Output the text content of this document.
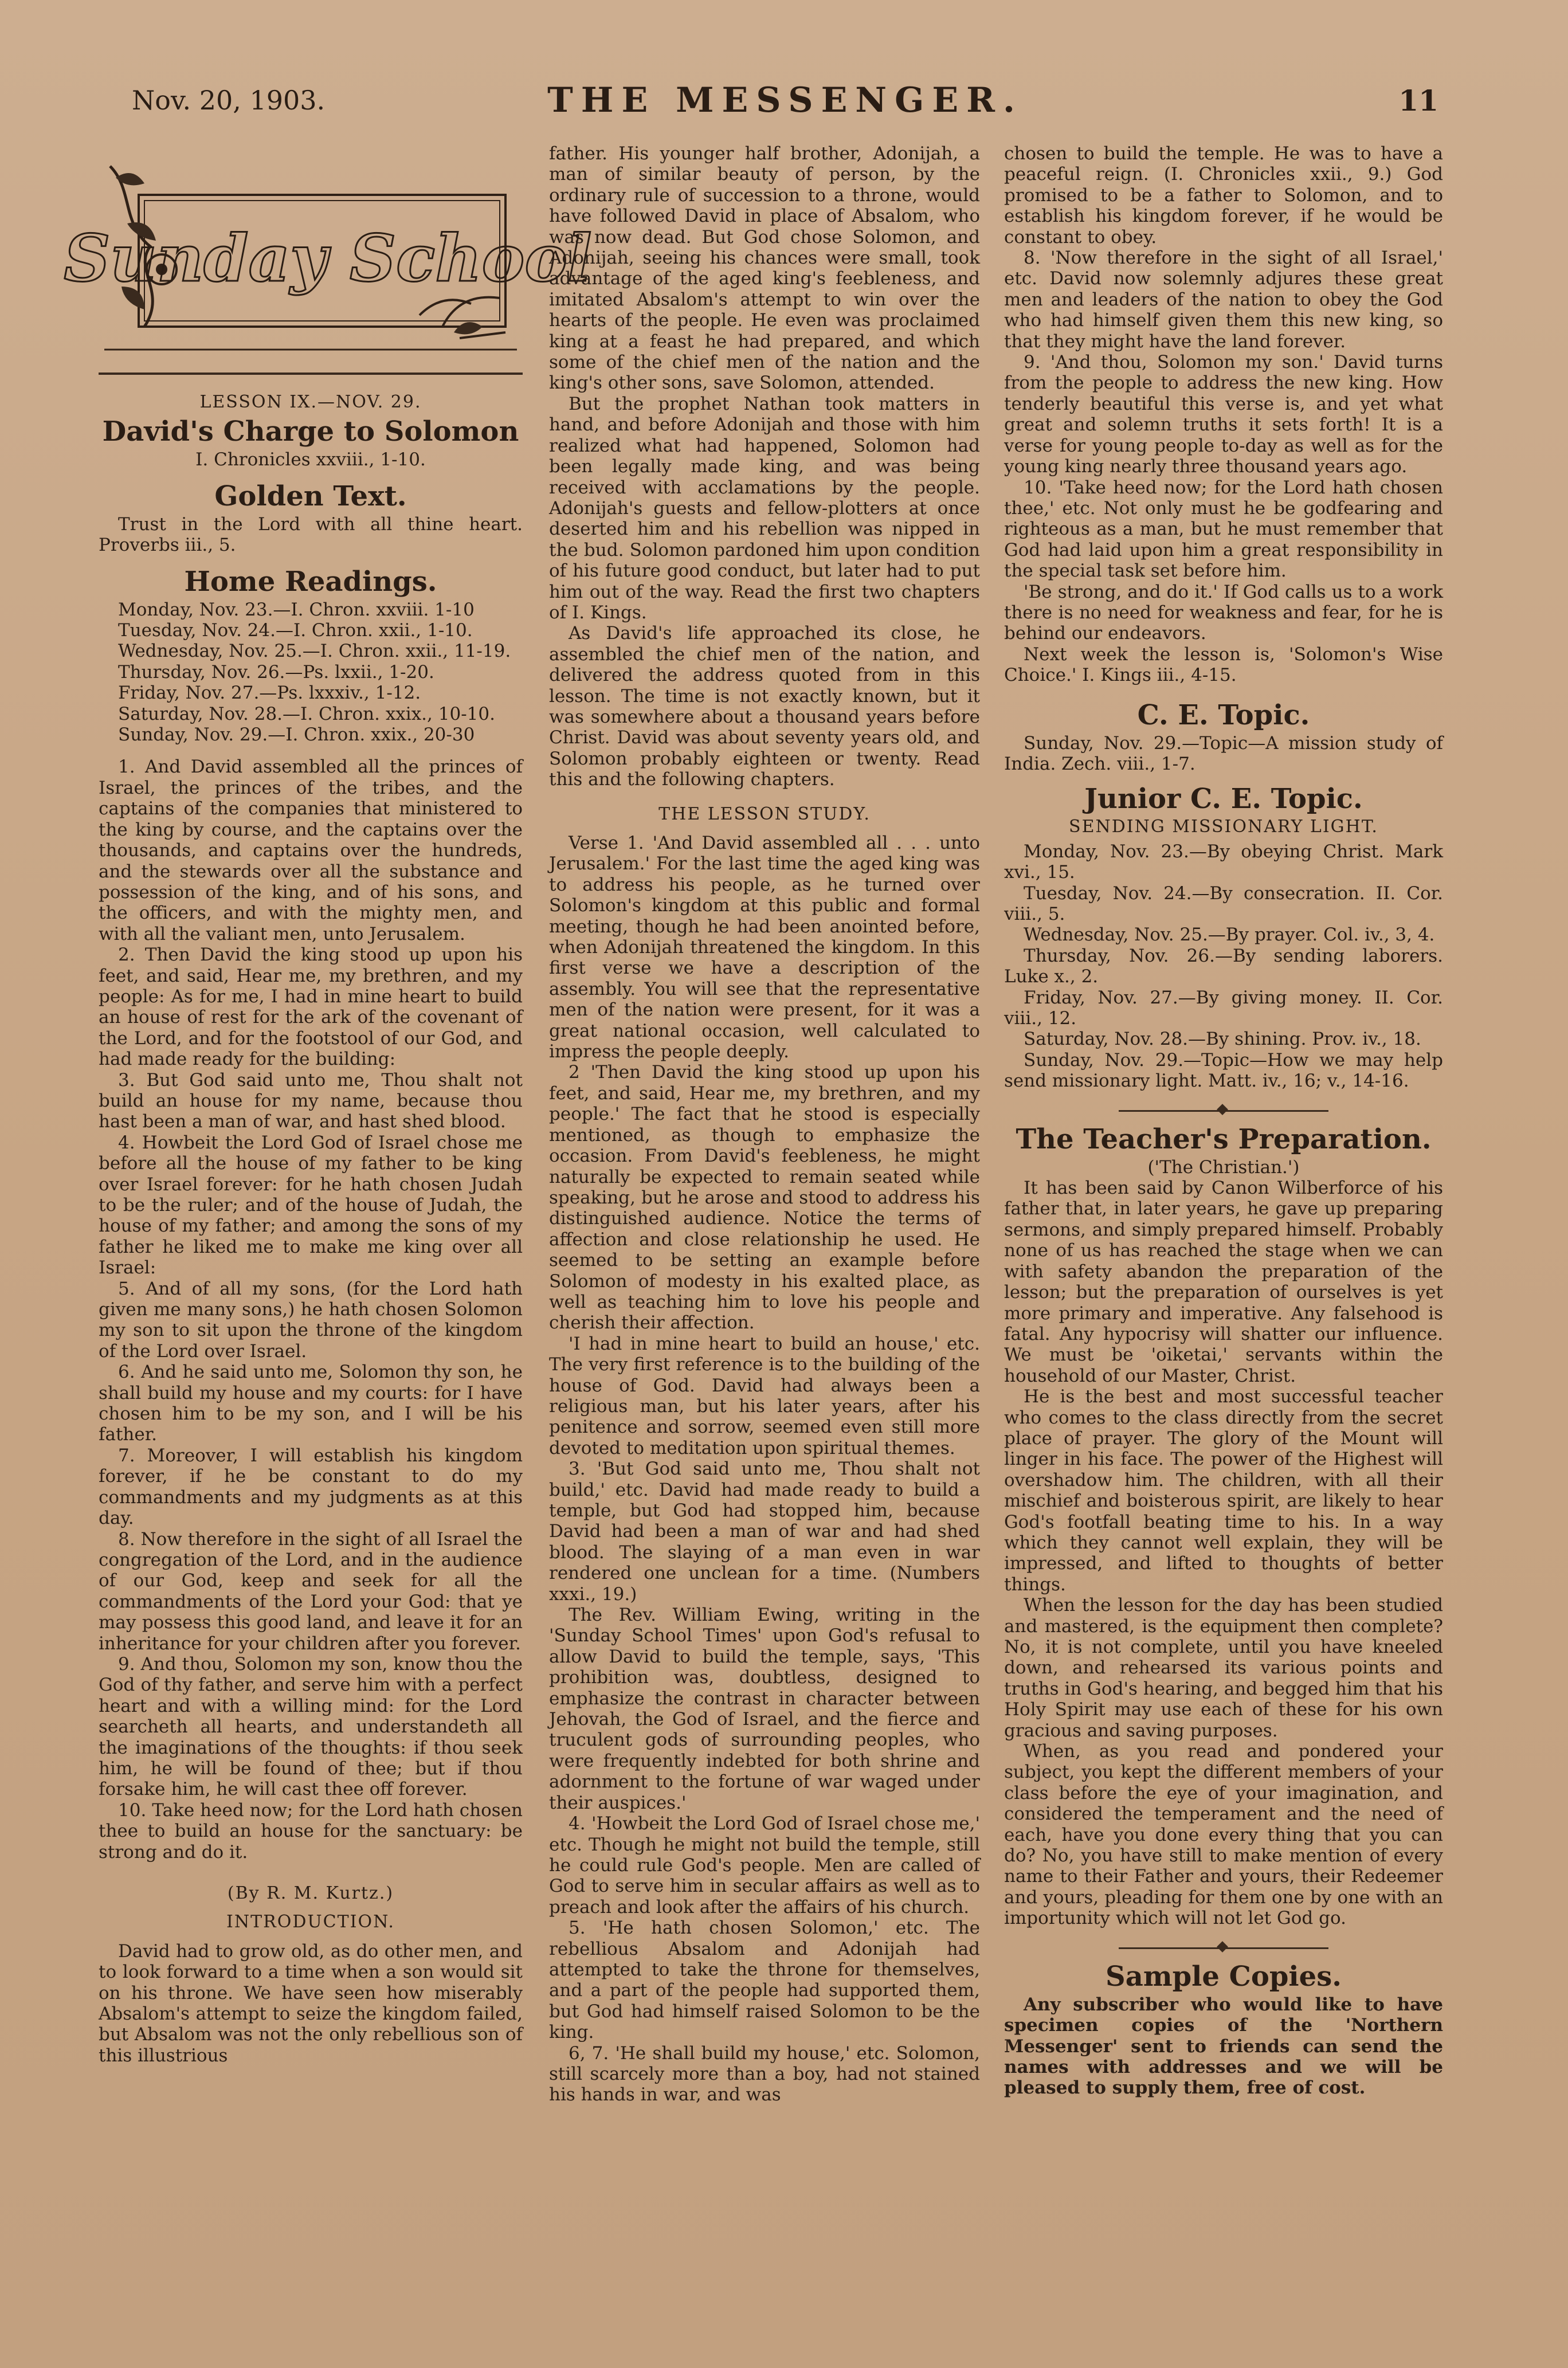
Nov. 20, 1903.	THE MESSENGER.	11
Sunday School
LESSON IX.—NOV. 29.
David's Charge to Solomon
I. Chronicles xxviii., 1-10.
Golden Text.

Trust in the Lord with all thine heart. Proverbs iii., 5.

Home Readings.

Monday, Nov. 23.—I. Chron. xxviii. 1-10

Tuesday, Nov. 24.—I. Chron. xxii., 1-10.

Wednesday, Nov. 25.—I. Chron. xxii., 11-19.

Thursday, Nov. 26.—Ps. lxxii., 1-20.

Friday, Nov. 27.—Ps. lxxxiv., 1-12.

Saturday, Nov. 28.—I. Chron. xxix., 10-10.

Sunday, Nov. 29.—I. Chron. xxix., 20-30

1. And David assembled all the princes of Israel, the princes of the tribes, and the captains of the companies that ministered to the king by course, and the captains over the thousands, and captains over the hundreds, and the stewards over all the substance and possession of the king, and of his sons, and the officers, and with the mighty men, and with all the valiant men, unto Jerusalem.

2. Then David the king stood up upon his feet, and said, Hear me, my brethren, and my people: As for me, I had in mine heart to build an house of rest for the ark of the covenant of the Lord, and for the footstool of our God, and had made ready for the building:

3. But God said unto me, Thou shalt not build an house for my name, because thou hast been a man of war, and hast shed blood.

4. Howbeit the Lord God of Israel chose me before all the house of my father to be king over Israel forever: for he hath chosen Judah to be the ruler; and of the house of Judah, the house of my father; and among the sons of my father he liked me to make me king over all Israel:

5. And of all my sons, (for the Lord hath given me many sons,) he hath chosen Solomon my son to sit upon the throne of the kingdom of the Lord over Israel.

6. And he said unto me, Solomon thy son, he shall build my house and my courts: for I have chosen him to be my son, and I will be his father.

7. Moreover, I will establish his kingdom forever, if he be constant to do my commandments and my judgments as at this day.

8. Now therefore in the sight of all Israel the congregation of the Lord, and in the audience of our God, keep and seek for all the commandments of the Lord your God: that ye may possess this good land, and leave it for an inheritance for your children after you forever.

9. And thou, Solomon my son, know thou the God of thy father, and serve him with a perfect heart and with a willing mind: for the Lord searcheth all hearts, and understandeth all the imaginations of the thoughts: if thou seek him, he will be found of thee; but if thou forsake him, he will cast thee off forever.

10. Take heed now; for the Lord hath chosen thee to build an house for the sanctuary: be strong and do it.

(By R. M. Kurtz.)
INTRODUCTION.

David had to grow old, as do other men, and to look forward to a time when a son would sit on his throne. We have seen how miserably Absalom's attempt to seize the kingdom failed, but Absalom was not the only rebellious son of this illustrious

father. His younger half brother, Adonijah, a man of similar beauty of person, by the ordinary rule of succession to a throne, would have followed David in place of Absalom, who was now dead. But God chose Solomon, and Adonijah, seeing his chances were small, took advantage of the aged king's feebleness, and imitated Absalom's attempt to win over the hearts of the people. He even was proclaimed king at a feast he had prepared, and which some of the chief men of the nation and the king's other sons, save Solomon, attended.

But the prophet Nathan took matters in hand, and before Adonijah and those with him realized what had happened, Solomon had been legally made king, and was being received with acclamations by the people. Adonijah's guests and fellow-plotters at once deserted him and his rebellion was nipped in the bud. Solomon pardoned him upon condition of his future good conduct, but later had to put him out of the way. Read the first two chapters of I. Kings.

As David's life approached its close, he assembled the chief men of the nation, and delivered the address quoted from in this lesson. The time is not exactly known, but it was somewhere about a thousand years before Christ. David was about seventy years old, and Solomon probably eighteen or twenty. Read this and the following chapters.

THE LESSON STUDY.

Verse 1. 'And David assembled all . . . unto Jerusalem.' For the last time the aged king was to address his people, as he turned over Solomon's kingdom at this public and formal meeting, though he had been anointed before, when Adonijah threatened the kingdom. In this first verse we have a description of the assembly. You will see that the representative men of the nation were present, for it was a great national occasion, well calculated to impress the people deeply.

2 'Then David the king stood up upon his feet, and said, Hear me, my brethren, and my people.' The fact that he stood is especially mentioned, as though to emphasize the occasion. From David's feebleness, he might naturally be expected to remain seated while speaking, but he arose and stood to address his distinguished audience. Notice the terms of affection and close relationship he used. He seemed to be setting an example before Solomon of modesty in his exalted place, as well as teaching him to love his people and cherish their affection.

'I had in mine heart to build an house,' etc. The very first reference is to the building of the house of God. David had always been a religious man, but his later years, after his penitence and sorrow, seemed even still more devoted to meditation upon spiritual themes.

3. 'But God said unto me, Thou shalt not build,' etc. David had made ready to build a temple, but God had stopped him, because David had been a man of war and had shed blood. The slaying of a man even in war rendered one unclean for a time. (Numbers xxxi., 19.)

The Rev. William Ewing, writing in the 'Sunday School Times' upon God's refusal to allow David to build the temple, says, 'This prohibition was, doubtless, designed to emphasize the contrast in character between Jehovah, the God of Israel, and the fierce and truculent gods of surrounding peoples, who were frequently indebted for both shrine and adornment to the fortune of war waged under their auspices.'

4. 'Howbeit the Lord God of Israel chose me,' etc. Though he might not build the temple, still he could rule God's people. Men are called of God to serve him in secular affairs as well as to preach and look after the affairs of his church.

5. 'He hath chosen Solomon,' etc. The rebellious Absalom and Adonijah had attempted to take the throne for themselves, and a part of the people had supported them, but God had himself raised Solomon to be the king.

6, 7. 'He shall build my house,' etc. Solomon, still scarcely more than a boy, had not stained his hands in war, and was

chosen to build the temple. He was to have a peaceful reign. (I. Chronicles xxii., 9.) God promised to be a father to Solomon, and to establish his kingdom forever, if he would be constant to obey.

8. 'Now therefore in the sight of all Israel,' etc. David now solemnly adjures these great men and leaders of the nation to obey the God who had himself given them this new king, so that they might have the land forever.

9. 'And thou, Solomon my son.' David turns from the people to address the new king. How tenderly beautiful this verse is, and yet what great and solemn truths it sets forth! It is a verse for young people to-day as well as for the young king nearly three thousand years ago.

10. 'Take heed now; for the Lord hath chosen thee,' etc. Not only must he be godfearing and righteous as a man, but he must remember that God had laid upon him a great responsibility in the special task set before him.

'Be strong, and do it.' If God calls us to a work there is no need for weakness and fear, for he is behind our endeavors.

Next week the lesson is, 'Solomon's Wise Choice.' I. Kings iii., 4-15.

C. E. Topic.

Sunday, Nov. 29.—Topic—A mission study of India. Zech. viii., 1-7.

Junior C. E. Topic.
SENDING MISSIONARY LIGHT.

Monday, Nov. 23.—By obeying Christ. Mark xvi., 15.

Tuesday, Nov. 24.—By consecration. II. Cor. viii., 5.

Wednesday, Nov. 25.—By prayer. Col. iv., 3, 4.

Thursday, Nov. 26.—By sending laborers. Luke x., 2.

Friday, Nov. 27.—By giving money. II. Cor. viii., 12.

Saturday, Nov. 28.—By shining. Prov. iv., 18.

Sunday, Nov. 29.—Topic—How we may help send missionary light. Matt. iv., 16; v., 14-16.

The Teacher's Preparation.
('The Christian.')

It has been said by Canon Wilberforce of his father that, in later years, he gave up preparing sermons, and simply prepared himself. Probably none of us has reached the stage when we can with safety abandon the preparation of the lesson; but the preparation of ourselves is yet more primary and imperative. Any falsehood is fatal. Any hypocrisy will shatter our influence. We must be 'oiketai,' servants within the household of our Master, Christ.

He is the best and most successful teacher who comes to the class directly from the secret place of prayer. The glory of the Mount will linger in his face. The power of the Highest will overshadow him. The children, with all their mischief and boisterous spirit, are likely to hear God's footfall beating time to his. In a way which they cannot well explain, they will be impressed, and lifted to thoughts of better things.

When the lesson for the day has been studied and mastered, is the equipment then complete? No, it is not complete, until you have kneeled down, and rehearsed its various points and truths in God's hearing, and begged him that his Holy Spirit may use each of these for his own gracious and saving purposes.

When, as you read and pondered your subject, you kept the different members of your class before the eye of your imagination, and considered the temperament and the need of each, have you done every thing that you can do? No, you have still to make mention of every name to their Father and yours, their Redeemer and yours, pleading for them one by one with an importunity which will not let God go.

Sample Copies.

Any subscriber who would like to have specimen copies of the 'Northern Messenger' sent to friends can send the names with addresses and we will be pleased to supply them, free of cost.
